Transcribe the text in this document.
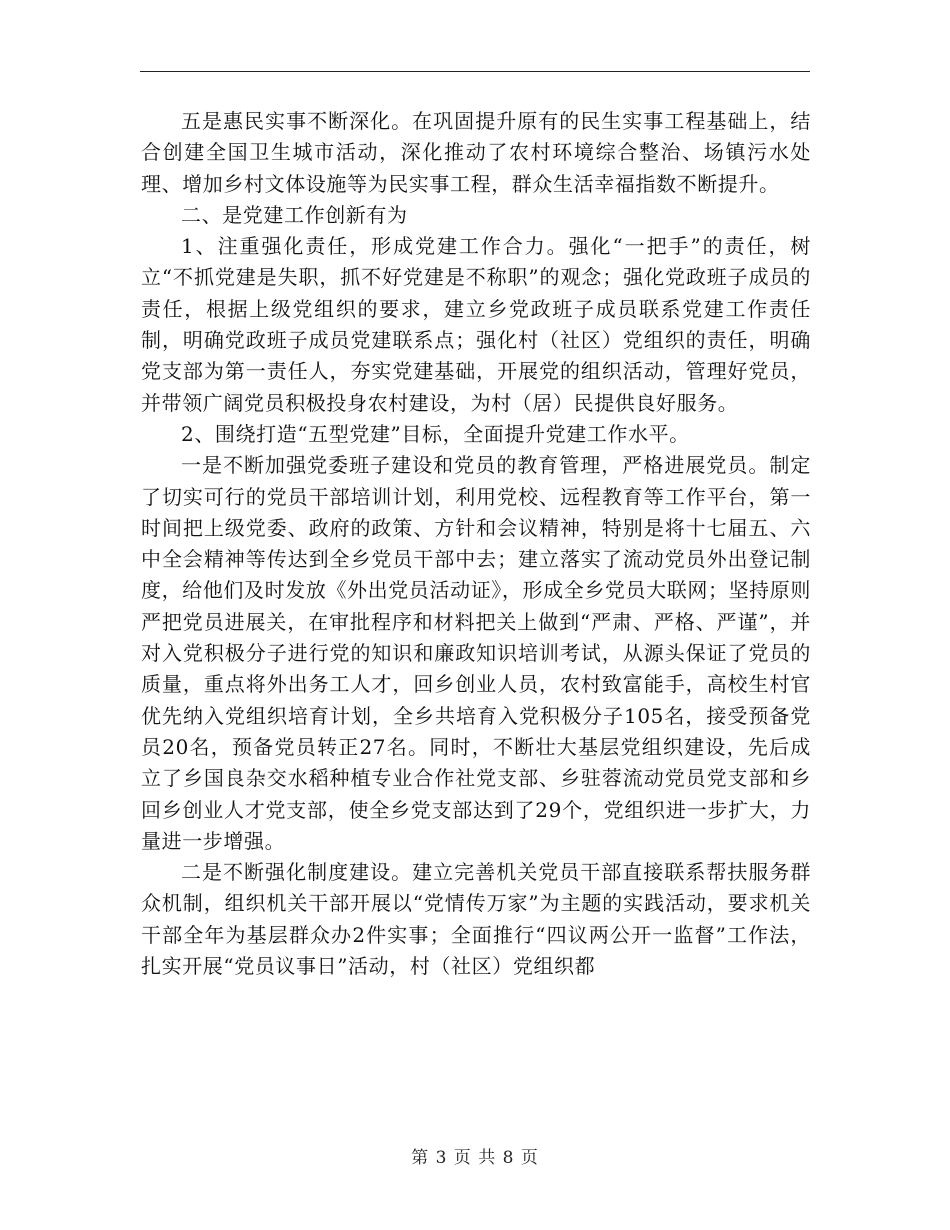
五是惠民实事不断深化。在巩固提升原有的民生实事工程基础上，结合创建全国卫生城市活动，深化推动了农村环境综合整治、场镇污水处理、增加乡村文体设施等为民实事工程，群众生活幸福指数不断提升。

二、是党建工作创新有为

1、注重强化责任，形成党建工作合力。强化“一把手”的责任，树立“不抓党建是失职，抓不好党建是不称职”的观念；强化党政班子成员的责任，根据上级党组织的要求，建立乡党政班子成员联系党建工作责任制，明确党政班子成员党建联系点；强化村（社区）党组织的责任，明确党支部为第一责任人，夯实党建基础，开展党的组织活动，管理好党员，并带领广阔党员积极投身农村建设，为村（居）民提供良好服务。

2、围绕打造“五型党建”目标，全面提升党建工作水平。

一是不断加强党委班子建设和党员的教育管理，严格进展党员。制定了切实可行的党员干部培训计划，利用党校、远程教育等工作平台，第一时间把上级党委、政府的政策、方针和会议精神，特别是将十七届五、六中全会精神等传达到全乡党员干部中去；建立落实了流动党员外出登记制度，给他们及时发放《外出党员活动证》，形成全乡党员大联网；坚持原则严把党员进展关，在审批程序和材料把关上做到“严肃、严格、严谨”，并对入党积极分子进行党的知识和廉政知识培训考试，从源头保证了党员的质量，重点将外出务工人才，回乡创业人员，农村致富能手，高校生村官优先纳入党组织培育计划，全乡共培育入党积极分子105名，接受预备党员20名，预备党员转正27名。同时，不断壮大基层党组织建设，先后成立了乡国良杂交水稻种植专业合作社党支部、乡驻蓉流动党员党支部和乡回乡创业人才党支部，使全乡党支部达到了29个，党组织进一步扩大，力量进一步增强。

二是不断强化制度建设。建立完善机关党员干部直接联系帮扶服务群众机制，组织机关干部开展以“党情传万家”为主题的实践活动，要求机关干部全年为基层群众办2件实事；全面推行“四议两公开一监督”工作法，扎实开展“党员议事日”活动，村（社区）党组织都

第 3 页 共 8 页
